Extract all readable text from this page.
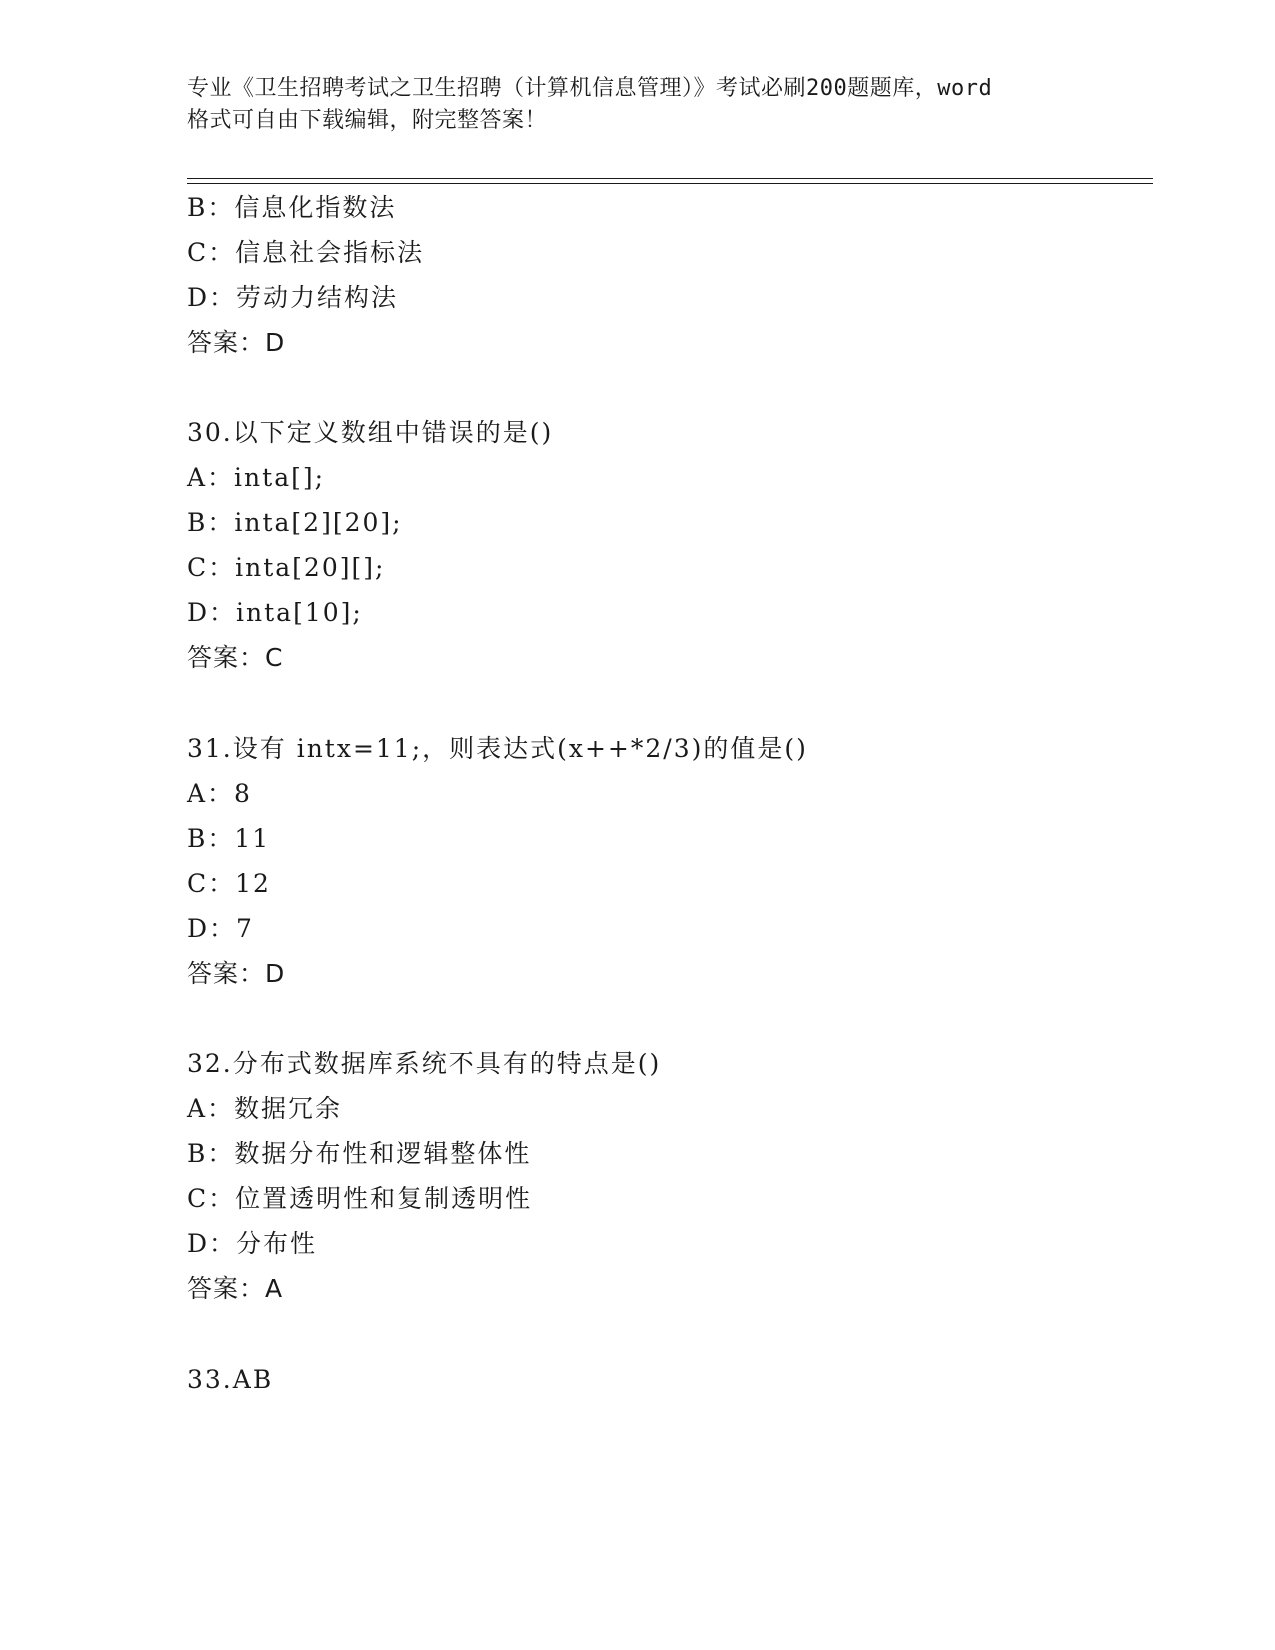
专业《卫生招聘考试之卫生招聘（计算机信息管理）》考试必刷200题题库，word
格式可自由下载编辑，附完整答案！
B：信息化指数法
C：信息社会指标法
D：劳动力结构法
答案：D
30.以下定义数组中错误的是()
A：inta[];
B：inta[2][20];
C：inta[20][];
D：inta[10];
答案：C
31.设有 intx=11;，则表达式(x++*2/3)的值是()
A：8
B：11
C：12
D：7
答案：D
32.分布式数据库系统不具有的特点是()
A：数据冗余
B：数据分布性和逻辑整体性
C：位置透明性和复制透明性
D：分布性
答案：A
33.AB
